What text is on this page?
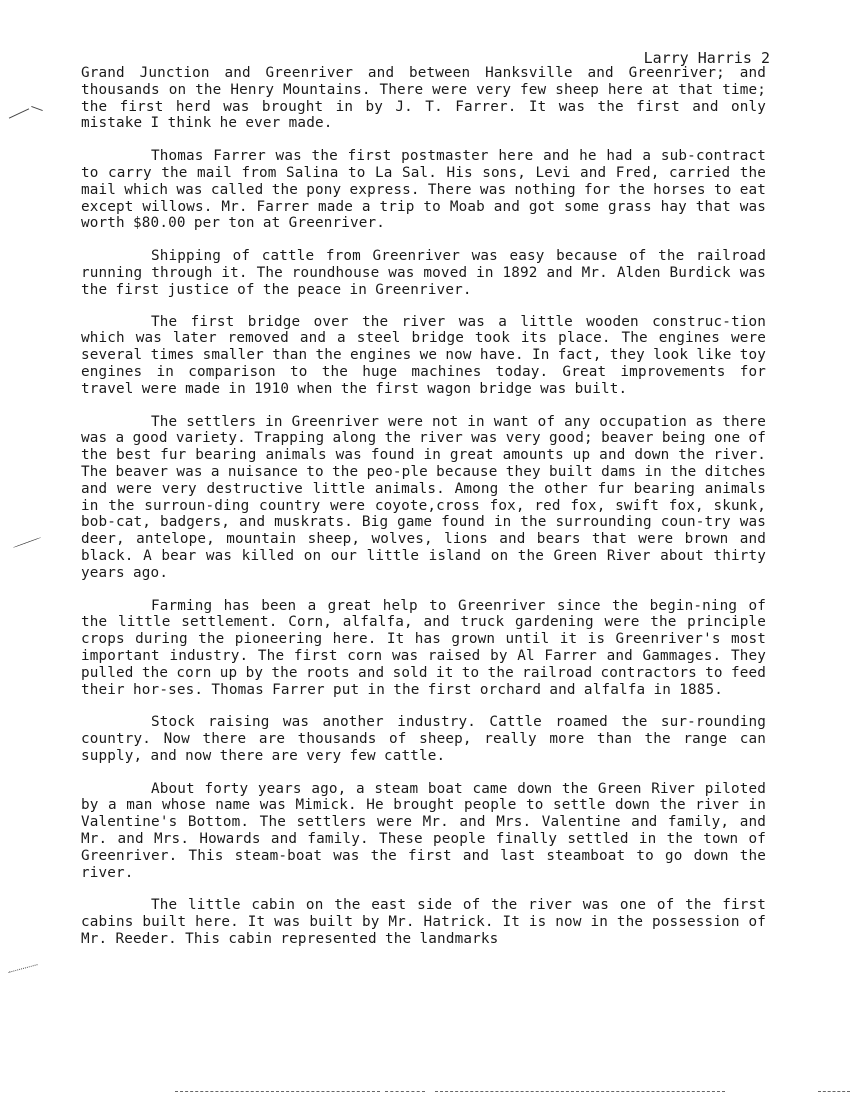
Larry Harris 2

Grand Junction and Greenriver and between Hanksville and Greenriver; and thousands on the Henry Mountains. There were very few sheep here at that time; the first herd was brought in by J. T. Farrer. It was the first and only mistake I think he ever made.

Thomas Farrer was the first postmaster here and he had a sub-contract to carry the mail from Salina to La Sal. His sons, Levi and Fred, carried the mail which was called the pony express. There was nothing for the horses to eat except willows. Mr. Farrer made a trip to Moab and got some grass hay that was worth $80.00 per ton at Greenriver.

Shipping of cattle from Greenriver was easy because of the railroad running through it. The roundhouse was moved in 1892 and Mr. Alden Burdick was the first justice of the peace in Greenriver.

The first bridge over the river was a little wooden construc-tion which was later removed and a steel bridge took its place. The engines were several times smaller than the engines we now have. In fact, they look like toy engines in comparison to the huge machines today. Great improvements for travel were made in 1910 when the first wagon bridge was built.

The settlers in Greenriver were not in want of any occupation as there was a good variety. Trapping along the river was very good; beaver being one of the best fur bearing animals was found in great amounts up and down the river. The beaver was a nuisance to the peo-ple because they built dams in the ditches and were very destructive little animals. Among the other fur bearing animals in the surroun-ding country were coyote,cross fox, red fox, swift fox, skunk, bob-cat, badgers, and muskrats. Big game found in the surrounding coun-try was deer, antelope, mountain sheep, wolves, lions and bears that were brown and black. A bear was killed on our little island on the Green River about thirty years ago.

Farming has been a great help to Greenriver since the begin-ning of the little settlement. Corn, alfalfa, and truck gardening were the principle crops during the pioneering here. It has grown until it is Greenriver's most important industry. The first corn was raised by Al Farrer and Gammages. They pulled the corn up by the roots and sold it to the railroad contractors to feed their hor-ses. Thomas Farrer put in the first orchard and alfalfa in 1885.

Stock raising was another industry. Cattle roamed the sur-rounding country. Now there are thousands of sheep, really more than the range can supply, and now there are very few cattle.

About forty years ago, a steam boat came down the Green River piloted by a man whose name was Mimick. He brought people to settle down the river in Valentine's Bottom. The settlers were Mr. and Mrs. Valentine and family, and Mr. and Mrs. Howards and family. These people finally settled in the town of Greenriver. This steam-boat was the first and last steamboat to go down the river.

The little cabin on the east side of the river was one of the first cabins built here. It was built by Mr. Hatrick. It is now in the possession of Mr. Reeder. This cabin represented the landmarks
